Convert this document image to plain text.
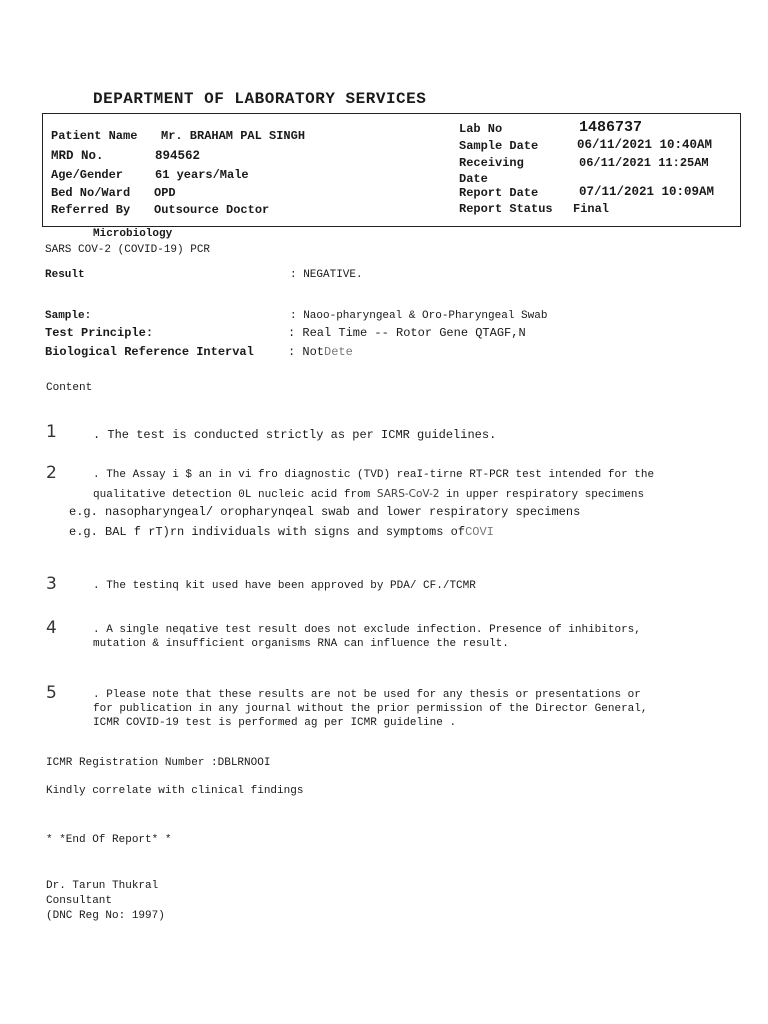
DEPARTMENT OF LABORATORY SERVICES
Patient Name Mr. BRAHAM PAL SINGH
MRD No.	894562
Age/Gender	61 years/Male
Bed No/Ward OPD
Referred By Outsource Doctor
Lab No	1486737
Sample Date	06/11/2021 10:40AM
Receiving	06/11/2021 11:25AM
Date
Report Date	07/11/2021 10:09AM
Report Status Final
Microbiology
SARS COV-2 (COVID-19) PCR
Result	: NEGATIVE.
Sample:	: Naoo-pharyngeal & Oro-Pharyngeal Swab
Test Principle:	: Real Time -- Rotor Gene QTAGF,N
Biological Reference Interval	: NotDete
Content
1	. The test is conducted strictly as per ICMR guidelines.
2	. The Assay i $ an in vi fro diagnostic (TVD) reaI-tirne RT-PCR test intended for the
qualitative detection 0L nucleic acid from SARS-CoV-2 in upper respiratory specimens
e.g. nasopharyngeal/ oropharynqeal swab and lower respiratory specimens
e.g. BAL f rT)rn individuals with signs and symptoms ofCOVI
3	. The testinq kit used have been approved by PDA/ CF./TCMR
4	. A single neqative test result does not exclude infection. Presence of inhibitors,
mutation & insufficient organisms RNA can influence the result.
5	. Please note that these results are not be used for any thesis or presentations or
for publication in any journal without the prior permission of the Director General,
ICMR COVID-19 test is performed ag per ICMR guideline .
ICMR Registration Number :DBLRNOOI
Kindly correlate with clinical findings
* *End Of Report* *
Dr. Tarun Thukral
Consultant
(DNC Reg No: 1997)
